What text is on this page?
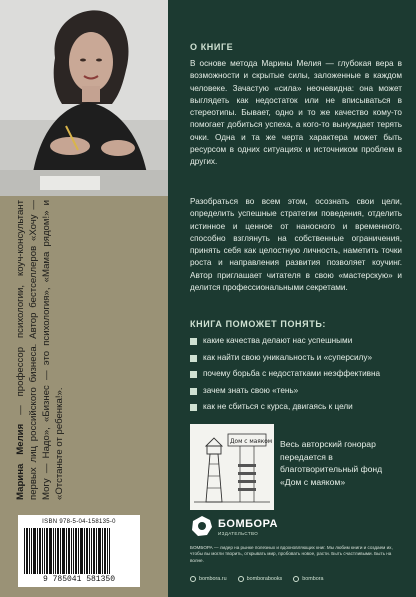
Марина Мелия — профессор психологии, коуч-консультант первых лиц российского бизнеса. Автор бестселлеров «Хочу — Могу — Надо», «Бизнес — это психология», «Мама рядом!» и «Отстаньте от ребенка!».
ISBN 978-5-04-158135-0
9 785041 581350
О КНИГЕ
В основе метода Марины Мелия — глубокая вера в возможности и скрытые силы, заложенные в каждом человеке. Зачастую «сила» неочевидна: она может выглядеть как недостаток или не вписываться в стереотипы. Бывает, одно и то же качество кому-то помогает добиться успеха, а кого-то вынуждает терять очки. Одна и та же черта характера может быть ресурсом в одних ситуациях и источником проблем в других.
Разобраться во всем этом, осознать свои цели, определить успешные стратегии поведения, отделить истинное и ценное от наносного и временного, способно взглянуть на собственные ограничения, принять себя как целостную личность, наметить точки роста и направления развития позволяет коучинг. Автор приглашает читателя в свою «мастерскую» и делится профессиональными секретами.
КНИГА ПОМОЖЕТ ПОНЯТЬ:
какие качества делают нас успешными
как найти свою уникальность и «суперсилу»
почему борьба с недостатками неэффективна
зачем знать свою «тень»
как не сбиться с курса, двигаясь к цели
Дом с маяком Весь авторский гонорар передается в благотворительный фонд «Дом с маяком»
БОМБОРА
ИЗДАТЕЛЬСТВО
БОМБОРА — лидер на рынке полезных и вдохновляющих книг. Мы любим книги и создаем их, чтобы вы могли творить, открывать мир, пробовать новое, расти. Быть счастливыми. Быть на волне.
bombora.ru	bomborabooks	bombora
